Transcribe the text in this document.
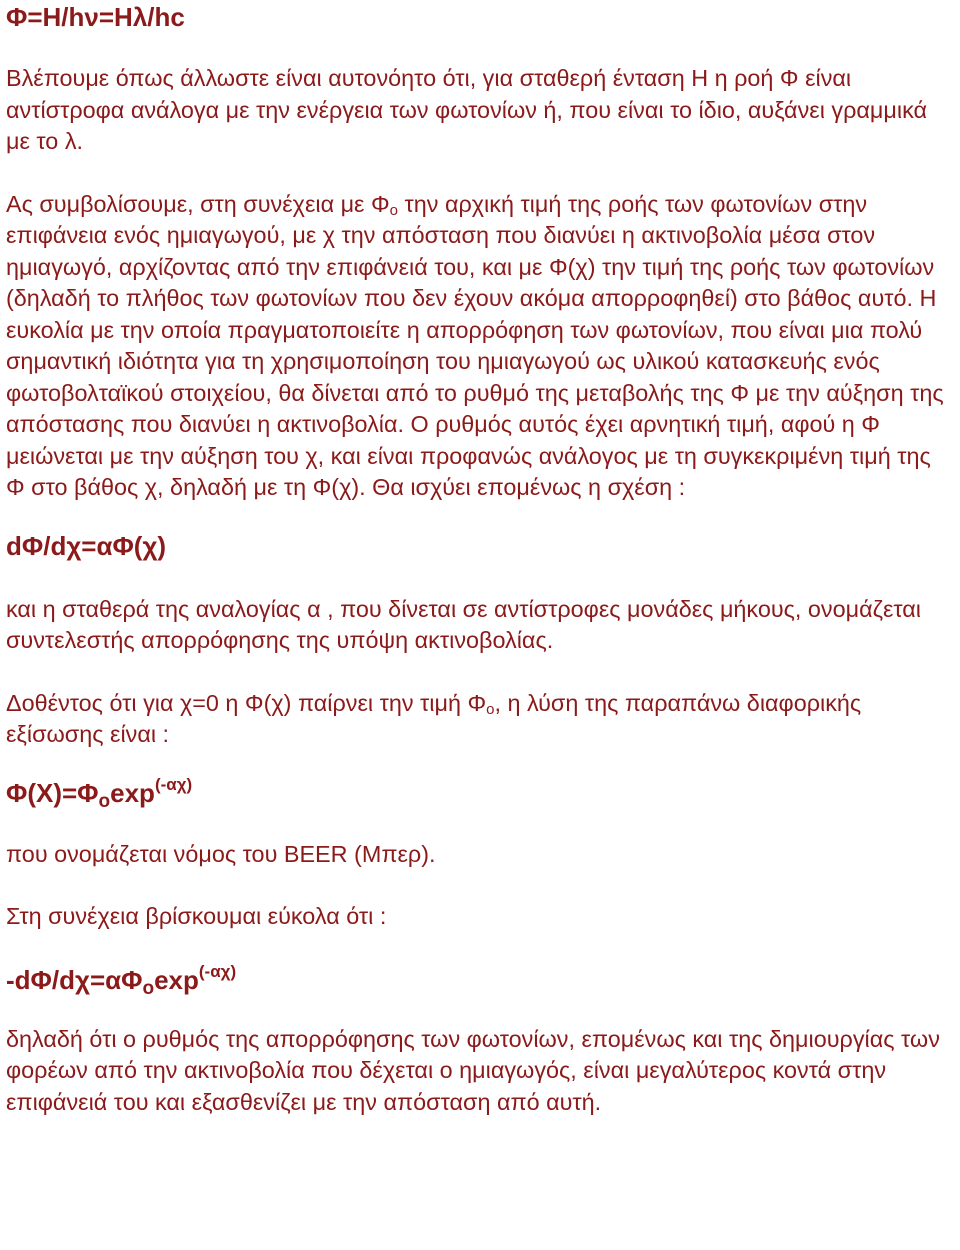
Φ=Η/hν=Ηλ/hc

Βλέπουμε όπως άλλωστε είναι αυτονόητο ότι, για σταθερή ένταση Η η ροή Φ είναι αντίστροφα ανάλογα με την ενέργεια των φωτονίων ή, που είναι το ίδιο, αυξάνει γραμμικά με το λ.

Ας συμβολίσουμε, στη συνέχεια με $\Phi_o$ την αρχική τιμή της ροής των φωτονίων στην επιφάνεια ενός ημιαγωγού, με χ την απόσταση που διανύει η ακτινοβολία μέσα στον ημιαγωγό, αρχίζοντας από την επιφάνειά του, και με Φ(χ) την τιμή της ροής των φωτονίων (δηλαδή το πλήθος των φωτονίων που δεν έχουν ακόμα απορροφηθεί) στο βάθος αυτό. Η ευκολία με την οποία πραγματοποιείτε η απορρόφηση των φωτονίων, που είναι μια πολύ σημαντική ιδιότητα για τη χρησιμοποίηση του ημιαγωγού ως υλικού κατασκευής ενός φωτοβολταϊκού στοιχείου, θα δίνεται από το ρυθμό της μεταβολής της Φ με την αύξηση της απόστασης που διανύει η ακτινοβολία. Ο ρυθμός αυτός έχει αρνητική τιμή, αφού η Φ μειώνεται με την αύξηση του χ, και είναι προφανώς ανάλογος με τη συγκεκριμένη τιμή της Φ στο βάθος χ, δηλαδή με τη Φ(χ). Θα ισχύει επομένως η σχέση :

dΦ/dχ=αΦ(χ)

και η σταθερά της αναλογίας α , που δίνεται σε αντίστροφες μονάδες μήκους, ονομάζεται συντελεστής απορρόφησης της υπόψη ακτινοβολίας.

Δοθέντος ότι για χ=0 η Φ(χ) παίρνει την τιμή $\Phi_o$, η λύση της παραπάνω διαφορικής εξίσωσης είναι :

$\Phi(X)=\Phi_o\exp^{(-\alpha\chi)}$

που ονομάζεται νόμος του BEER (Μπερ).

Στη συνέχεια βρίσκουμαι εύκολα ότι :

$-d\Phi/d\chi=\alpha\Phi_o\exp^{(-\alpha\chi)}$

δηλαδή ότι ο ρυθμός της απορρόφησης των φωτονίων, επομένως και της δημιουργίας των φορέων από την ακτινοβολία που δέχεται ο ημιαγωγός, είναι μεγαλύτερος κοντά στην επιφάνειά του και εξασθενίζει με την απόσταση από αυτή.
